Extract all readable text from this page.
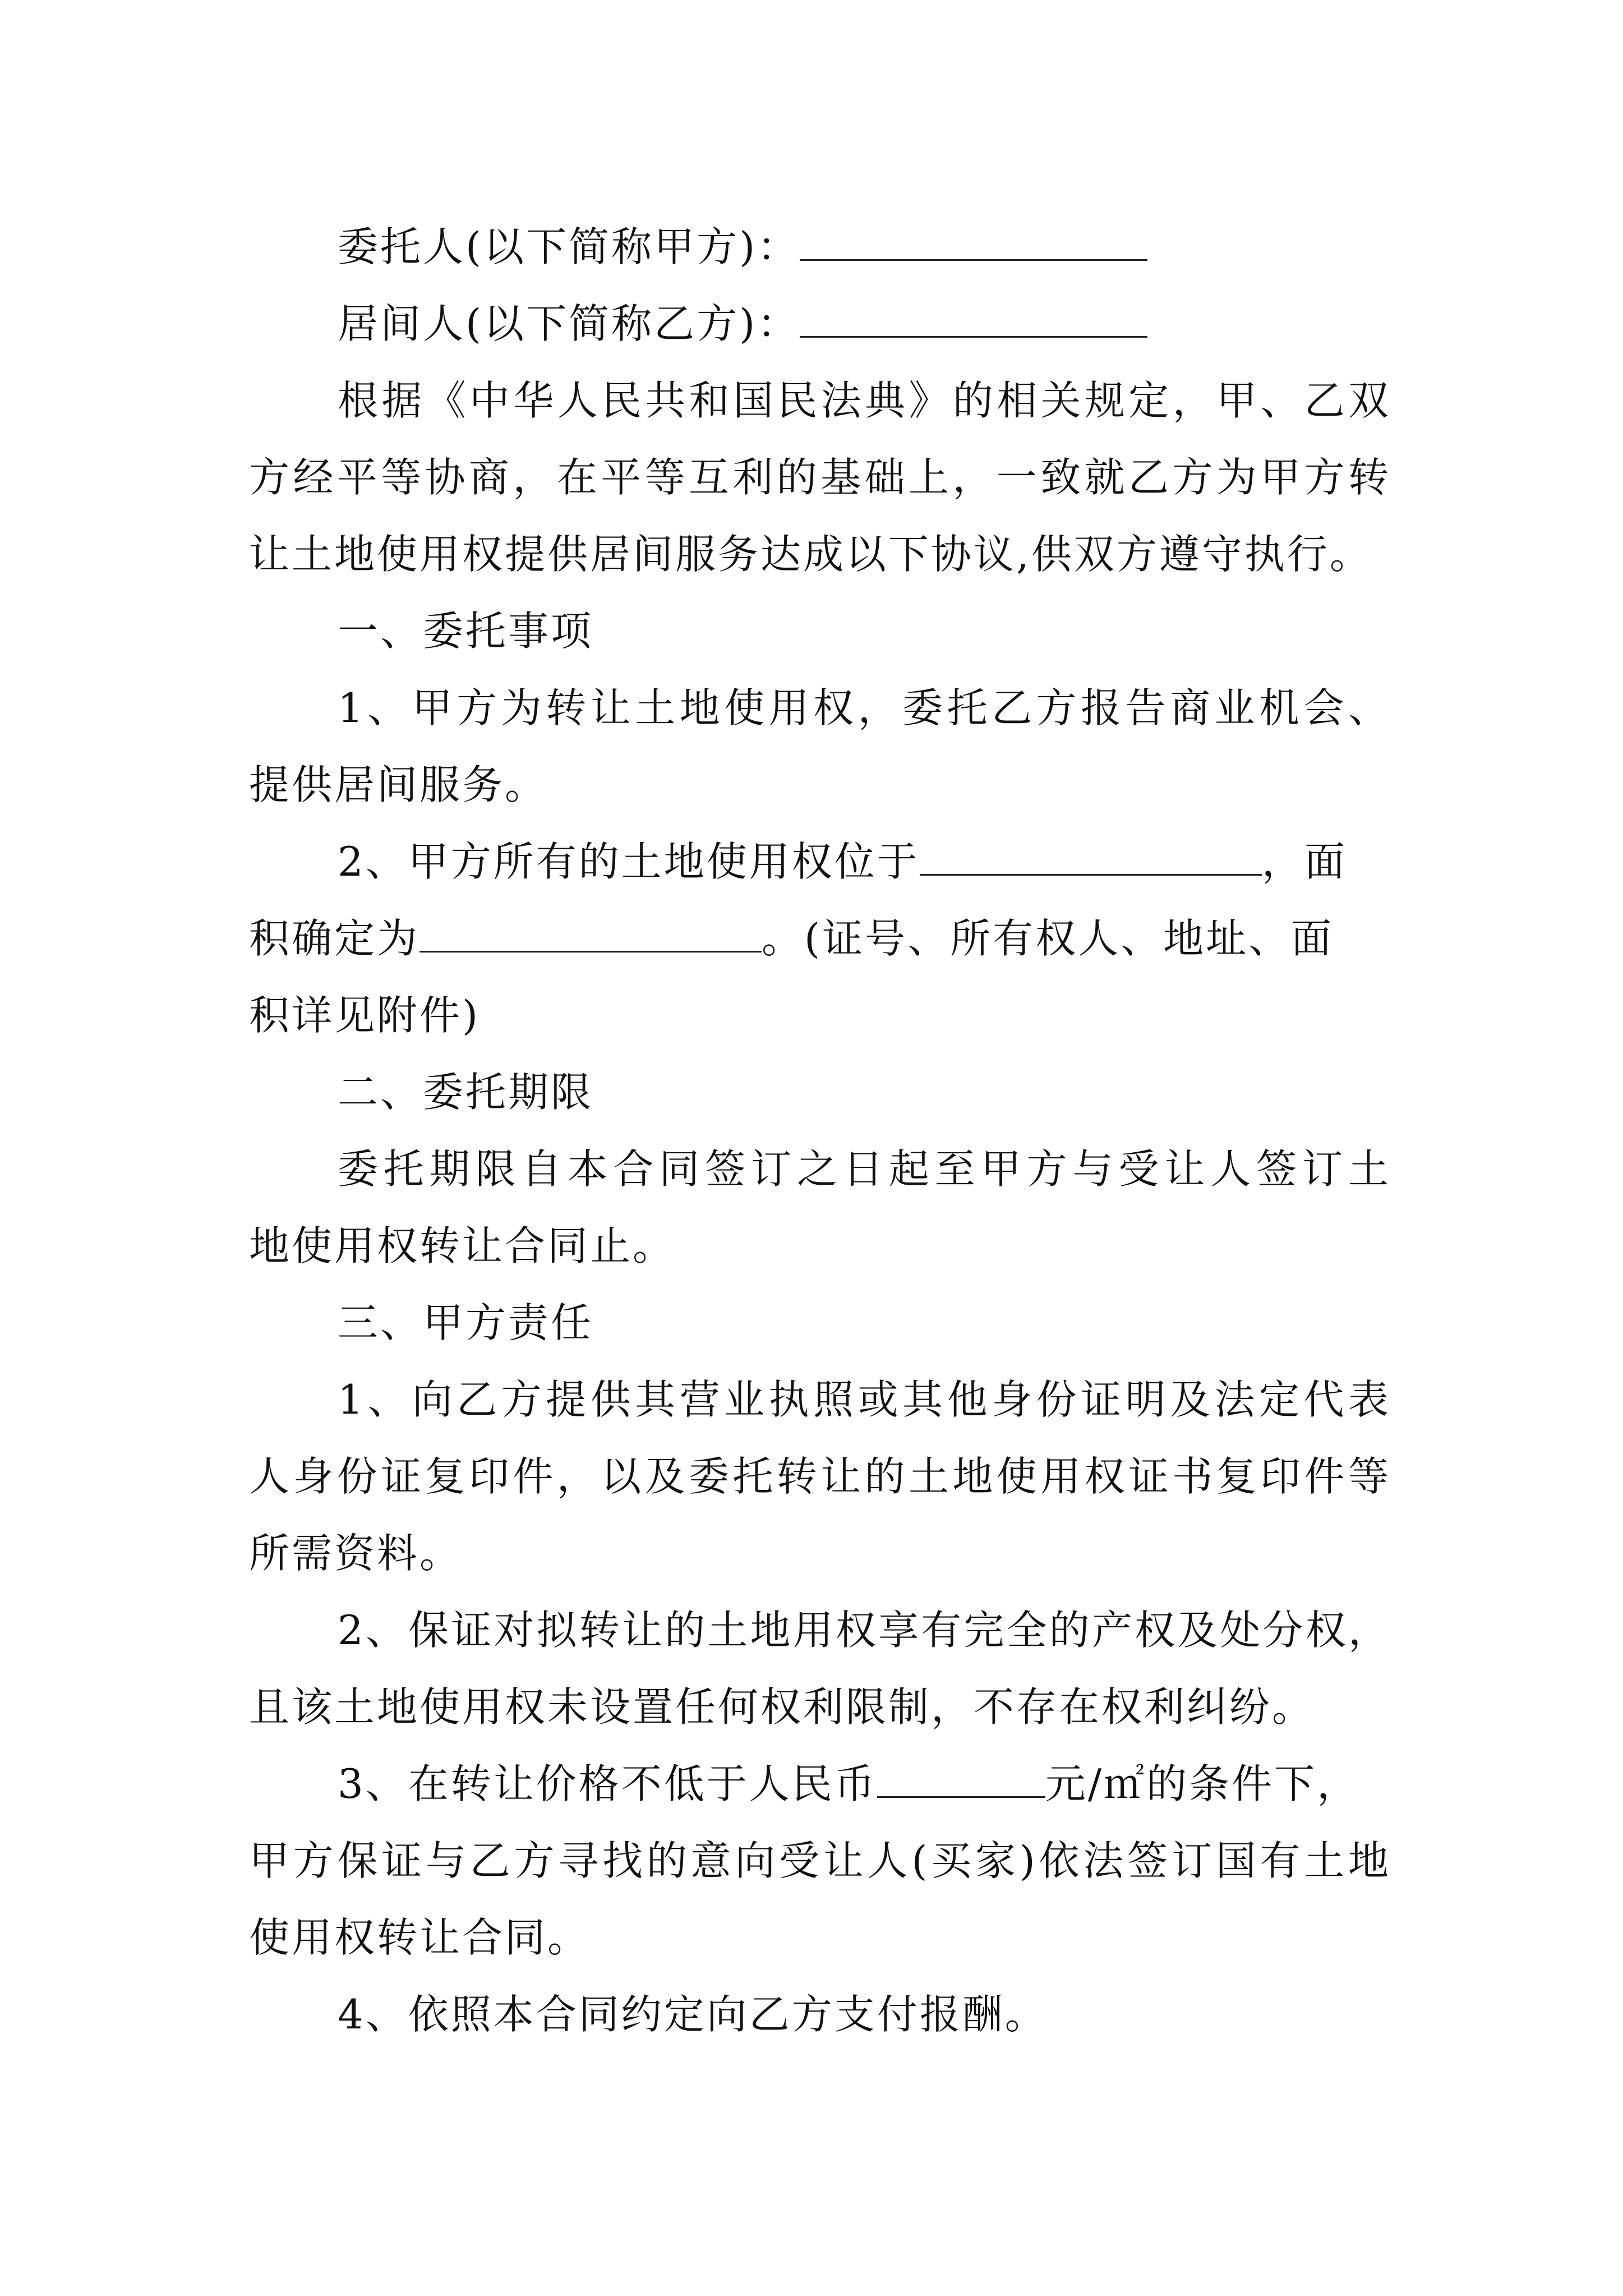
委托人(以下简称甲方)：
居间人(以下简称乙方)：
根据《中华人民共和国民法典》的相关规定，甲、乙双
方经平等协商，在平等互利的基础上，一致就乙方为甲方转
让土地使用权提供居间服务达成以下协议,供双方遵守执行。
一、委托事项
1、甲方为转让土地使用权，委托乙方报告商业机会、
提供居间服务。
2、甲方所有的土地使用权位于	，面
积确定为	。(证号、所有权人、地址、面
积详见附件)
二、委托期限
委托期限自本合同签订之日起至甲方与受让人签订土
地使用权转让合同止。
三、甲方责任
1、向乙方提供其营业执照或其他身份证明及法定代表
人身份证复印件，以及委托转让的土地使用权证书复印件等
所需资料。
2、保证对拟转让的土地用权享有完全的产权及处分权，
且该土地使用权未设置任何权利限制，不存在权利纠纷。
3、在转让价格不低于人民币	元/㎡的条件下，
甲方保证与乙方寻找的意向受让人(买家)依法签订国有土地
使用权转让合同。
4、依照本合同约定向乙方支付报酬。
